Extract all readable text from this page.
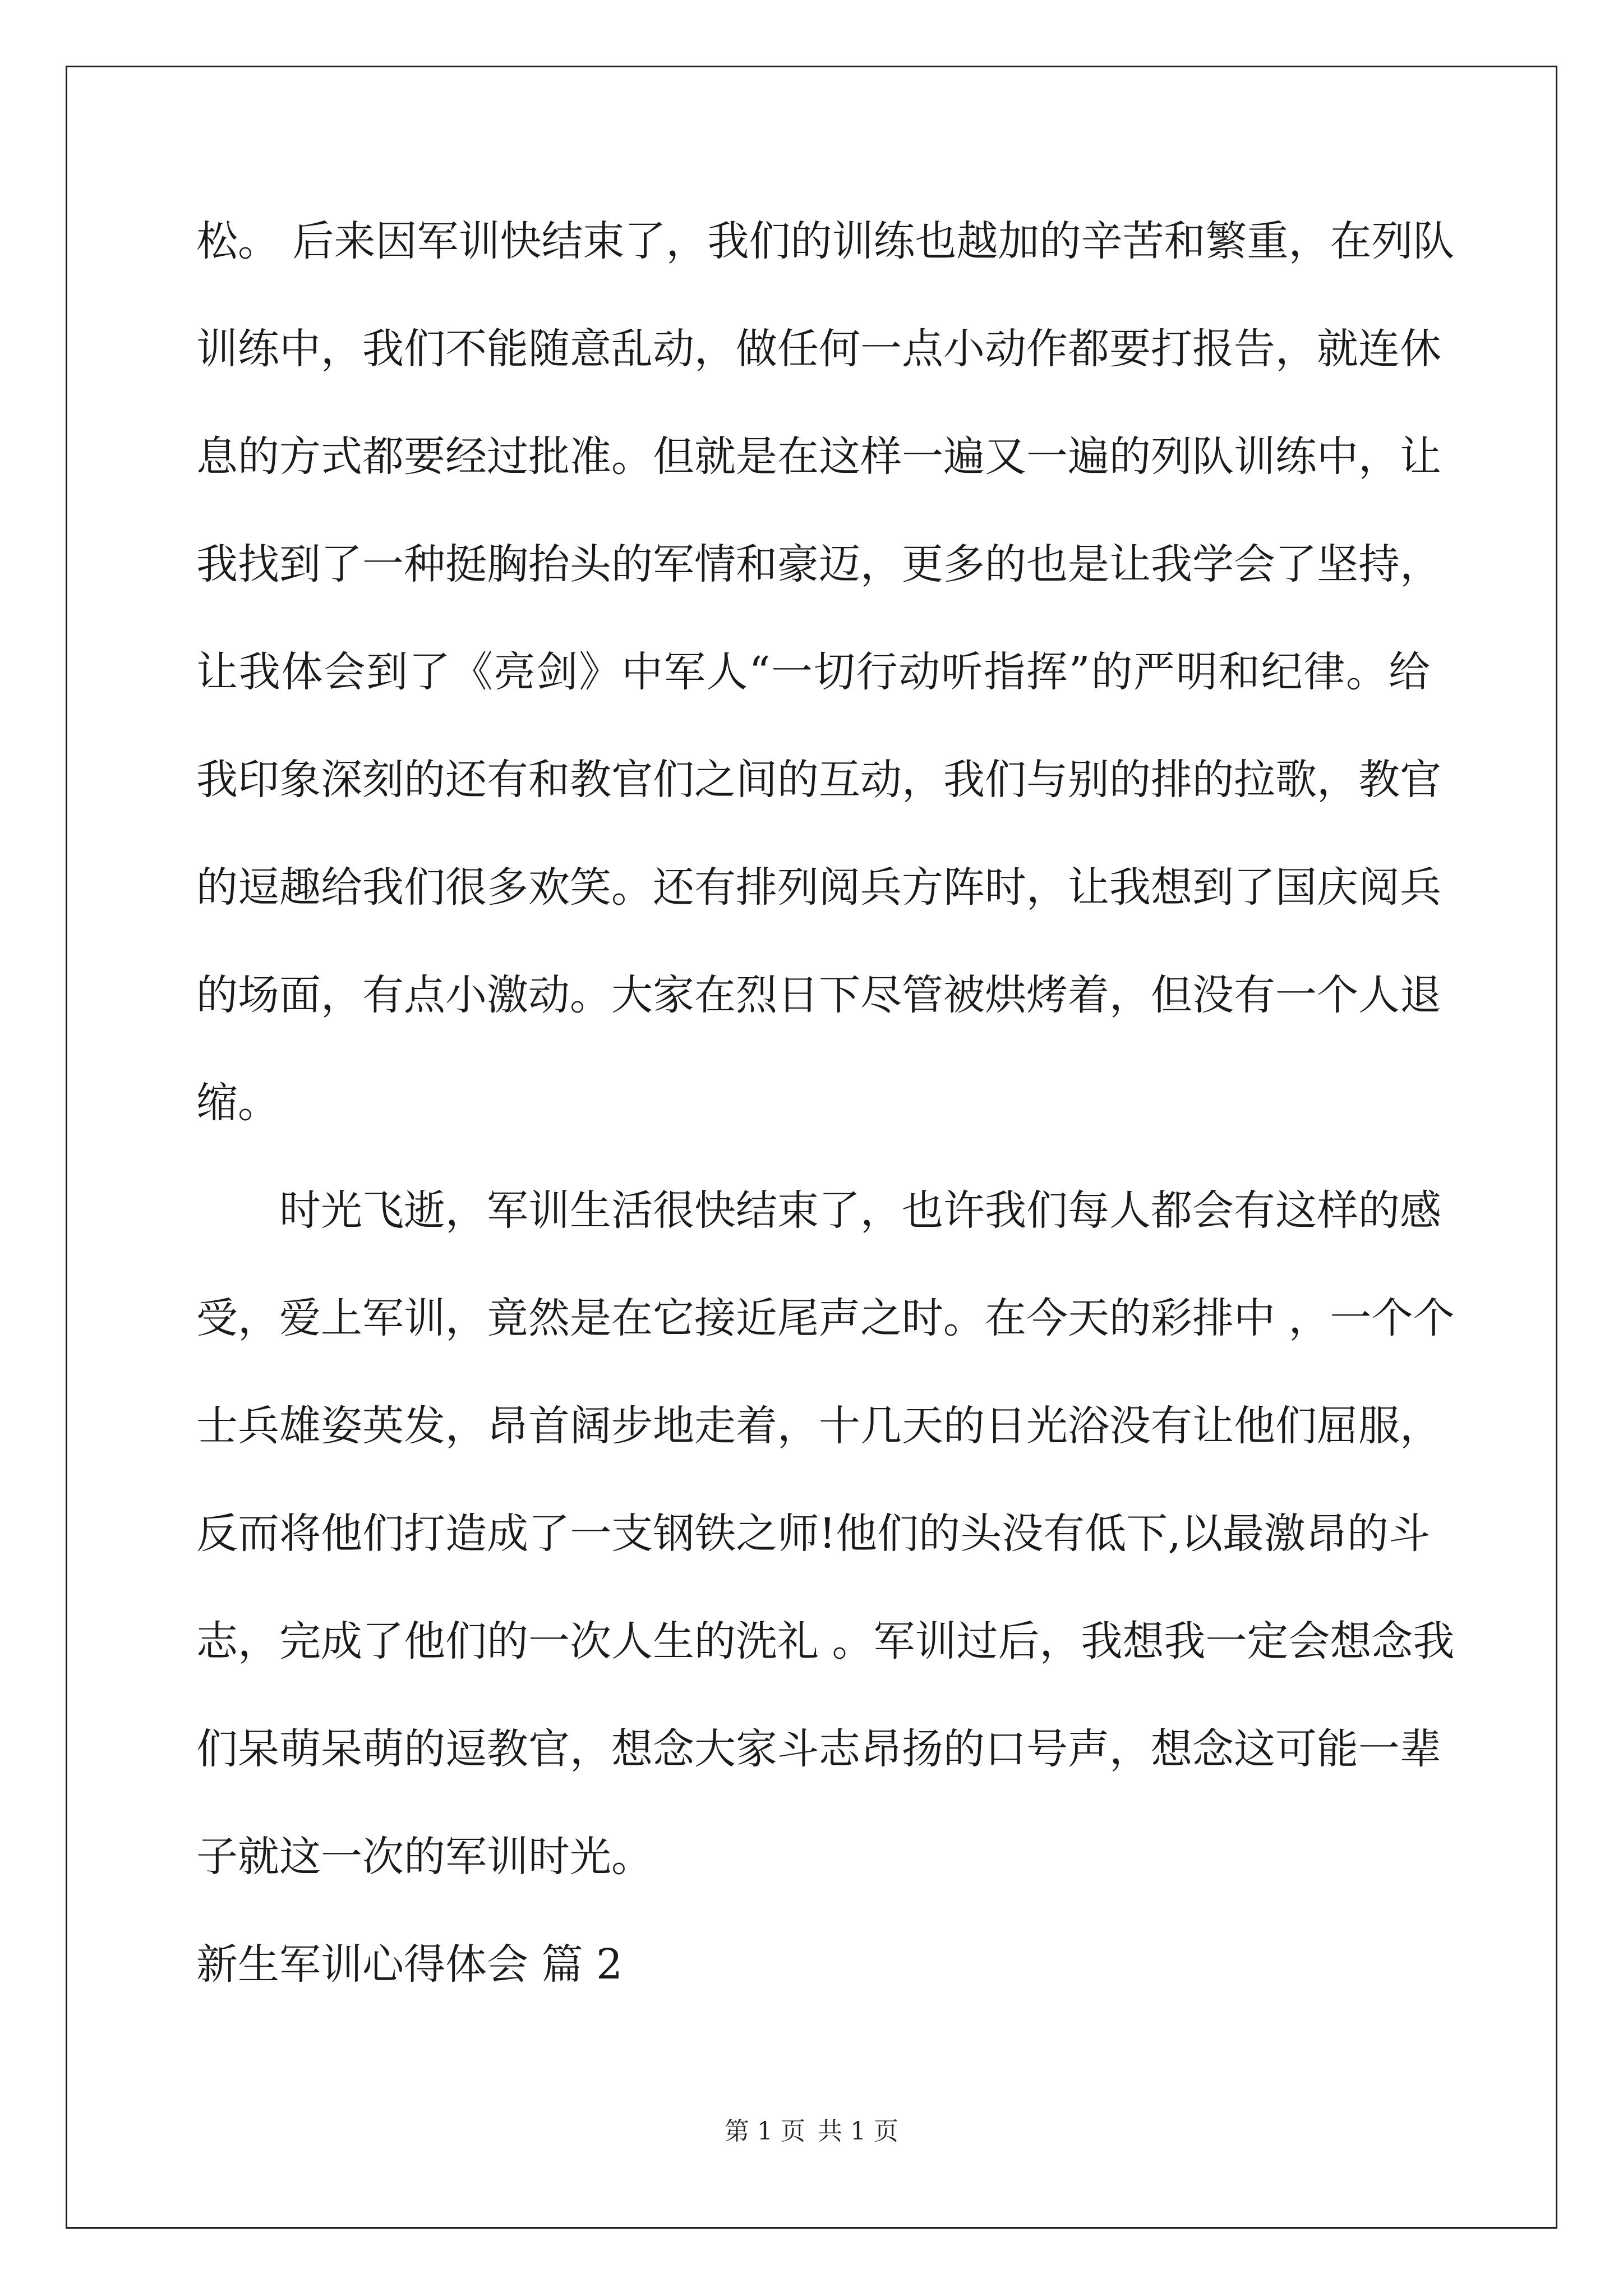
松。 后来因军训快结束了，我们的训练也越加的辛苦和繁重，在列队
训练中，我们不能随意乱动，做任何一点小动作都要打报告，就连休
息的方式都要经过批准。但就是在这样一遍又一遍的列队训练中，让
我找到了一种挺胸抬头的军情和豪迈，更多的也是让我学会了坚持，
让我体会到了《亮剑》中军人“一切行动听指挥”的严明和纪律。给
我印象深刻的还有和教官们之间的互动，我们与别的排的拉歌，教官
的逗趣给我们很多欢笑。还有排列阅兵方阵时，让我想到了国庆阅兵
的场面，有点小激动。大家在烈日下尽管被烘烤着，但没有一个人退
缩。
　　时光飞逝，军训生活很快结束了，也许我们每人都会有这样的感
受，爱上军训，竟然是在它接近尾声之时。在今天的彩排中 ，一个个
士兵雄姿英发，昂首阔步地走着，十几天的日光浴没有让他们屈服，
反而将他们打造成了一支钢铁之师!他们的头没有低下,以最激昂的斗
志，完成了他们的一次人生的洗礼 。军训过后，我想我一定会想念我
们呆萌呆萌的逗教官，想念大家斗志昂扬的口号声，想念这可能一辈
子就这一次的军训时光。
新生军训心得体会 篇 2
第 1 页 共 1 页
